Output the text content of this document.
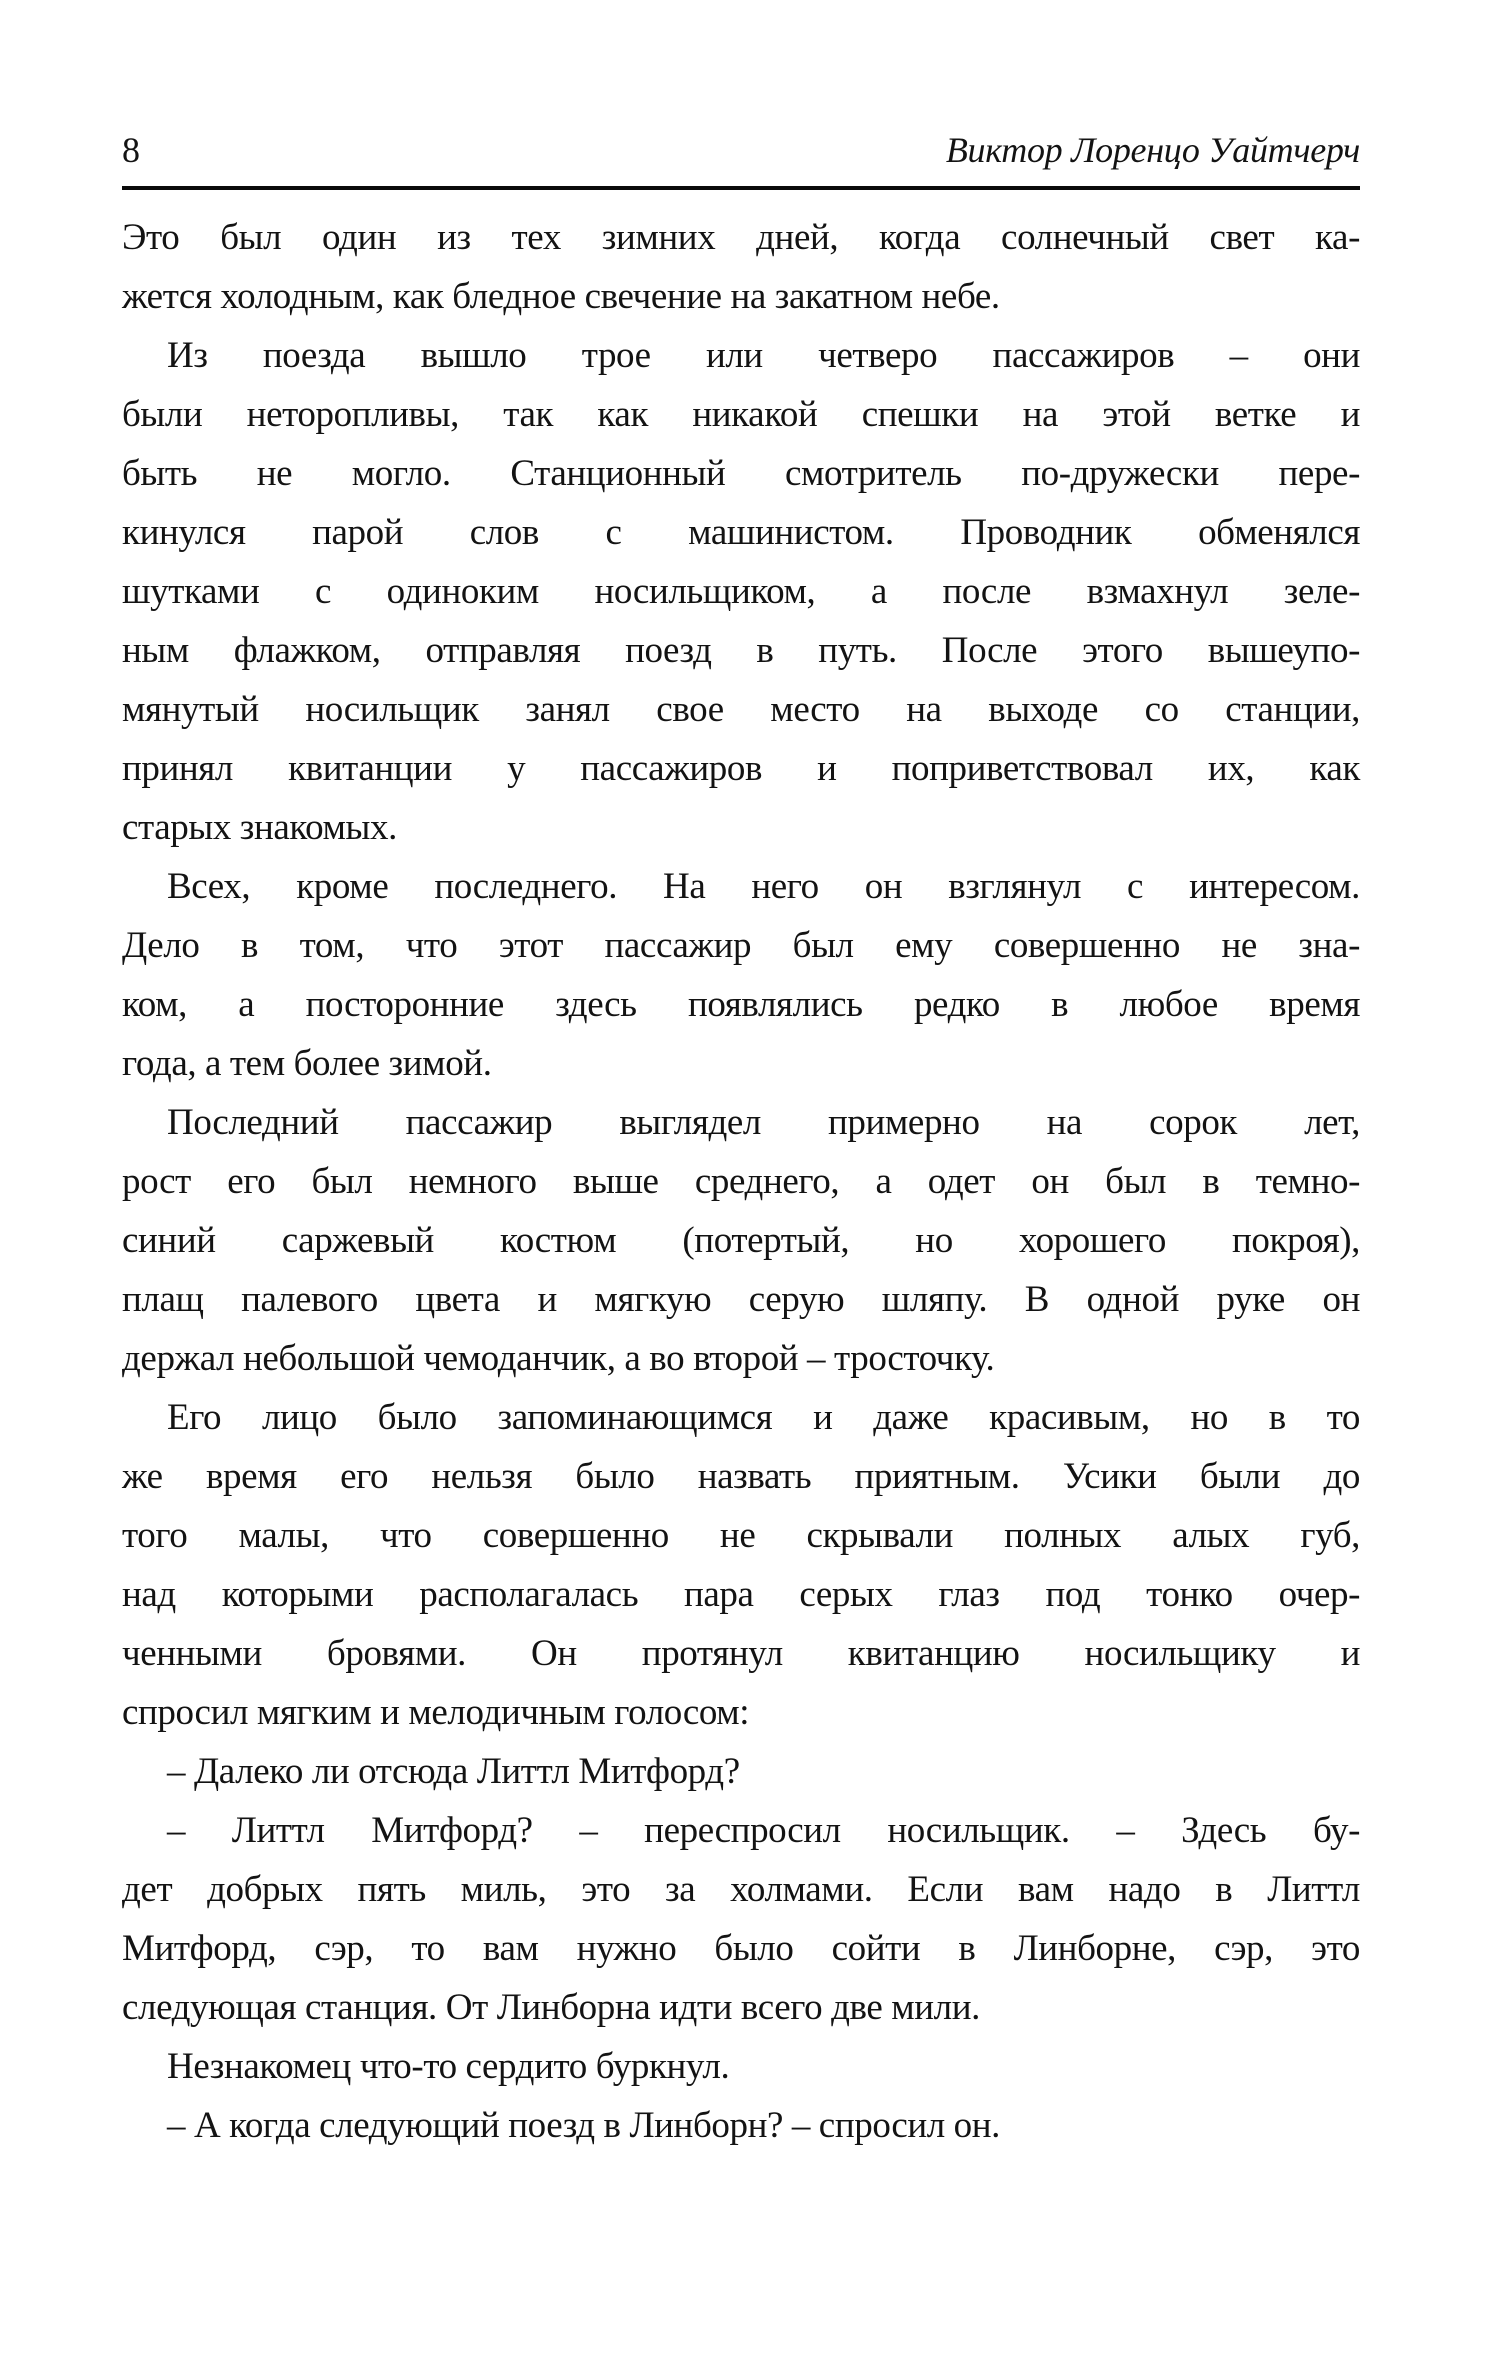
8	Виктор Лоренцо Уайтчерч
Это был один из тех зимних дней, когда солнечный свет ка-
жется холодным, как бледное свечение на закатном небе.
Из поезда вышло трое или четверо пассажиров – они
были неторопливы, так как никакой спешки на этой ветке и
быть не могло. Станционный смотритель по-дружески пере-
кинулся парой слов с машинистом. Проводник обменялся
шутками с одиноким носильщиком, а после взмахнул зеле-
ным флажком, отправляя поезд в путь. После этого вышеупо-
мянутый носильщик занял свое место на выходе со станции,
принял квитанции у пассажиров и поприветствовал их, как
старых знакомых.
Всех, кроме последнего. На него он взглянул с интересом.
Дело в том, что этот пассажир был ему совершенно не зна-
ком, а посторонние здесь появлялись редко в любое время
года, а тем более зимой.
Последний пассажир выглядел примерно на сорок лет,
рост его был немного выше среднего, а одет он был в темно-
синий саржевый костюм (потертый, но хорошего покроя),
плащ палевого цвета и мягкую серую шляпу. В одной руке он
держал небольшой чемоданчик, а во второй – тросточку.
Его лицо было запоминающимся и даже красивым, но в то
же время его нельзя было назвать приятным. Усики были до
того малы, что совершенно не скрывали полных алых губ,
над которыми располагалась пара серых глаз под тонко очер-
ченными бровями. Он протянул квитанцию носильщику и
спросил мягким и мелодичным голосом:
– Далеко ли отсюда Литтл Митфорд?
– Литтл Митфорд? – переспросил носильщик. – Здесь бу-
дет добрых пять миль, это за холмами. Если вам надо в Литтл
Митфорд, сэр, то вам нужно было сойти в Линборне, сэр, это
следующая станция. От Линборна идти всего две мили.
Незнакомец что-то сердито буркнул.
– А когда следующий поезд в Линборн? – спросил он.
